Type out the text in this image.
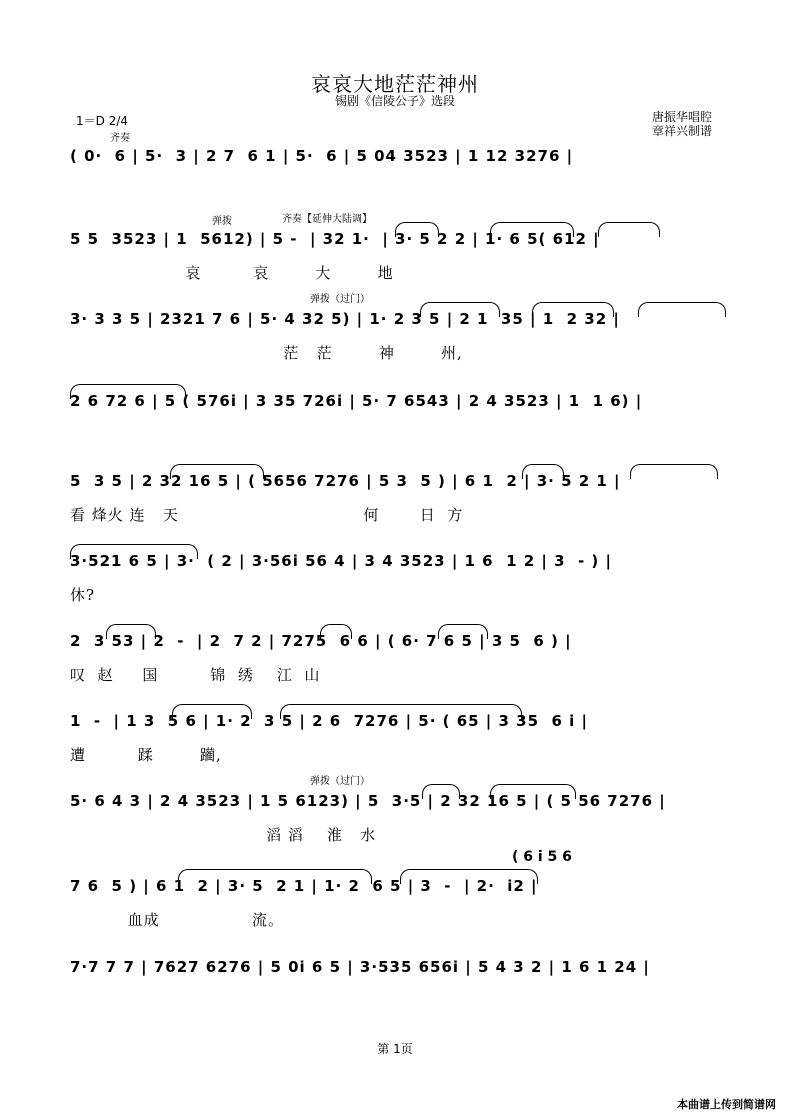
哀哀大地茫茫神州
锡剧《信陵公子》选段
1＝D 2/4	唐振华唱腔
章祥兴制谱
齐奏
( 0·  6 | 5·  3 | 2 7  6 1 | 5·  6 | 5 04 3523 | 1 12 3276 |
弹拨	齐奏【延伸大陆调】
5 5  3523 | 1  5612) | 5 -  | 32 1·  | 3· 5 2 2 | 1· 6 5( 612 |
哀         哀        大        地
弹拨（过门）
3· 3 3 5 | 2321 7 6 | 5· 4 32 5) | 1· 2 3 5 | 2 1  35 | 1  2 32 |
茫   茫        神        州,
2 6 72 6 | 5 ( 576i | 3 35 726i | 5· 7 6543 | 2 4 3523 | 1  1 6) |
5  3 5 | 2 32 16 5 | ( 5656 7276 | 5 3  5 ) | 6 1  2 | 3· 5 2 1 |
看 烽火 连   天                                何       日  方
3·521 6 5 | 3·  ( 2 | 3·56i 56 4 | 3 4 3523 | 1 6  1 2 | 3  - ) |
休?
2  3 53 | 2  -  | 2  7 2 | 7275  6 6 | ( 6· 7 6 5 | 3 5  6 ) |
叹  赵     国         锦  绣    江  山
1  -  | 1 3  5 6 | 1· 2  3 5 | 2 6  7276 | 5· ( 65 | 3 35  6 i |
遭         蹂        躏,
弹拨（过门）
5· 6 4 3 | 2 4 3523 | 1 5 6123) | 5  3·5 | 2 32 16 5 | ( 5 56 7276 |
滔 滔    淮   水
( 6 i 5 6
7 6  5 ) | 6 1  2 | 3· 5  2 1 | 1· 2  6 5 | 3  -  | 2·  i2 |
血成                流。
7·7 7 7 | 7627 6276 | 5 0i 6 5 | 3·535 656i | 5 4 3 2 | 1 6 1 24 |
第 1页
本曲谱上传到简谱网
